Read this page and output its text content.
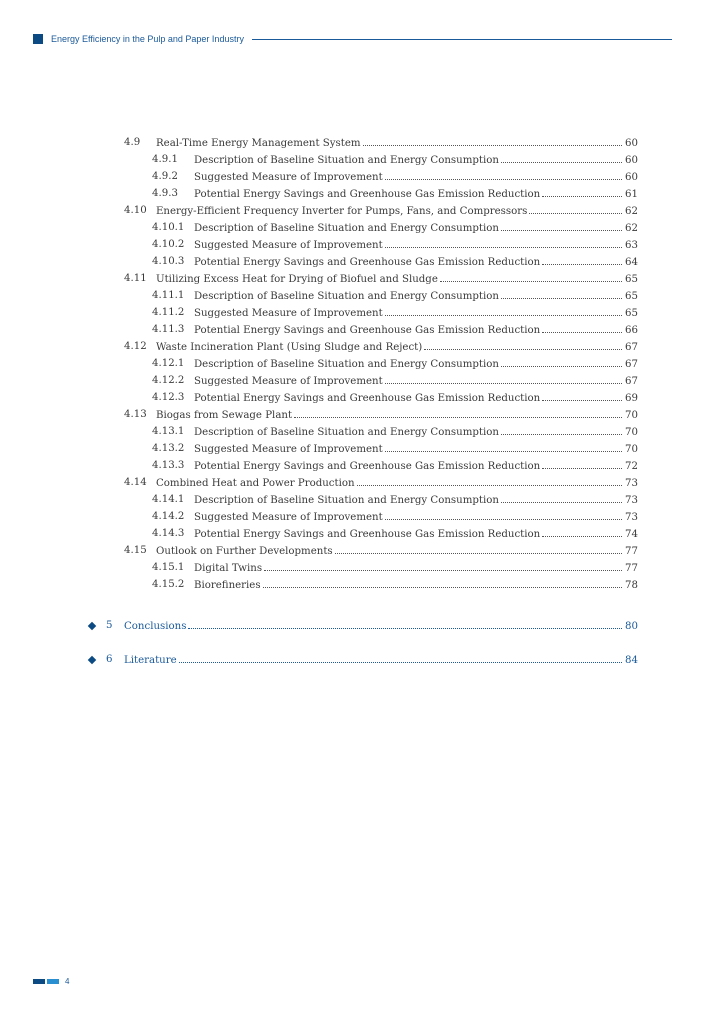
Energy Efficiency in the Pulp and Paper Industry
4.9 Real-Time Energy Management System	60
4.9.1 Description of Baseline Situation and Energy Consumption	60
4.9.2 Suggested Measure of Improvement	60
4.9.3 Potential Energy Savings and Greenhouse Gas Emission Reduction	61
4.10 Energy-Efficient Frequency Inverter for Pumps, Fans, and Compressors	62
4.10.1 Description of Baseline Situation and Energy Consumption	62
4.10.2 Suggested Measure of Improvement	63
4.10.3 Potential Energy Savings and Greenhouse Gas Emission Reduction	64
4.11 Utilizing Excess Heat for Drying of Biofuel and Sludge	65
4.11.1 Description of Baseline Situation and Energy Consumption	65
4.11.2 Suggested Measure of Improvement	65
4.11.3 Potential Energy Savings and Greenhouse Gas Emission Reduction	66
4.12 Waste Incineration Plant (Using Sludge and Reject)	67
4.12.1 Description of Baseline Situation and Energy Consumption	67
4.12.2 Suggested Measure of Improvement	67
4.12.3 Potential Energy Savings and Greenhouse Gas Emission Reduction	69
4.13 Biogas from Sewage Plant	70
4.13.1 Description of Baseline Situation and Energy Consumption	70
4.13.2 Suggested Measure of Improvement	70
4.13.3 Potential Energy Savings and Greenhouse Gas Emission Reduction	72
4.14 Combined Heat and Power Production	73
4.14.1 Description of Baseline Situation and Energy Consumption	73
4.14.2 Suggested Measure of Improvement	73
4.14.3 Potential Energy Savings and Greenhouse Gas Emission Reduction	74
4.15 Outlook on Further Developments	77
4.15.1 Digital Twins	77
4.15.2 Biorefineries	78
5 Conclusions	80
6 Literature	84
4
